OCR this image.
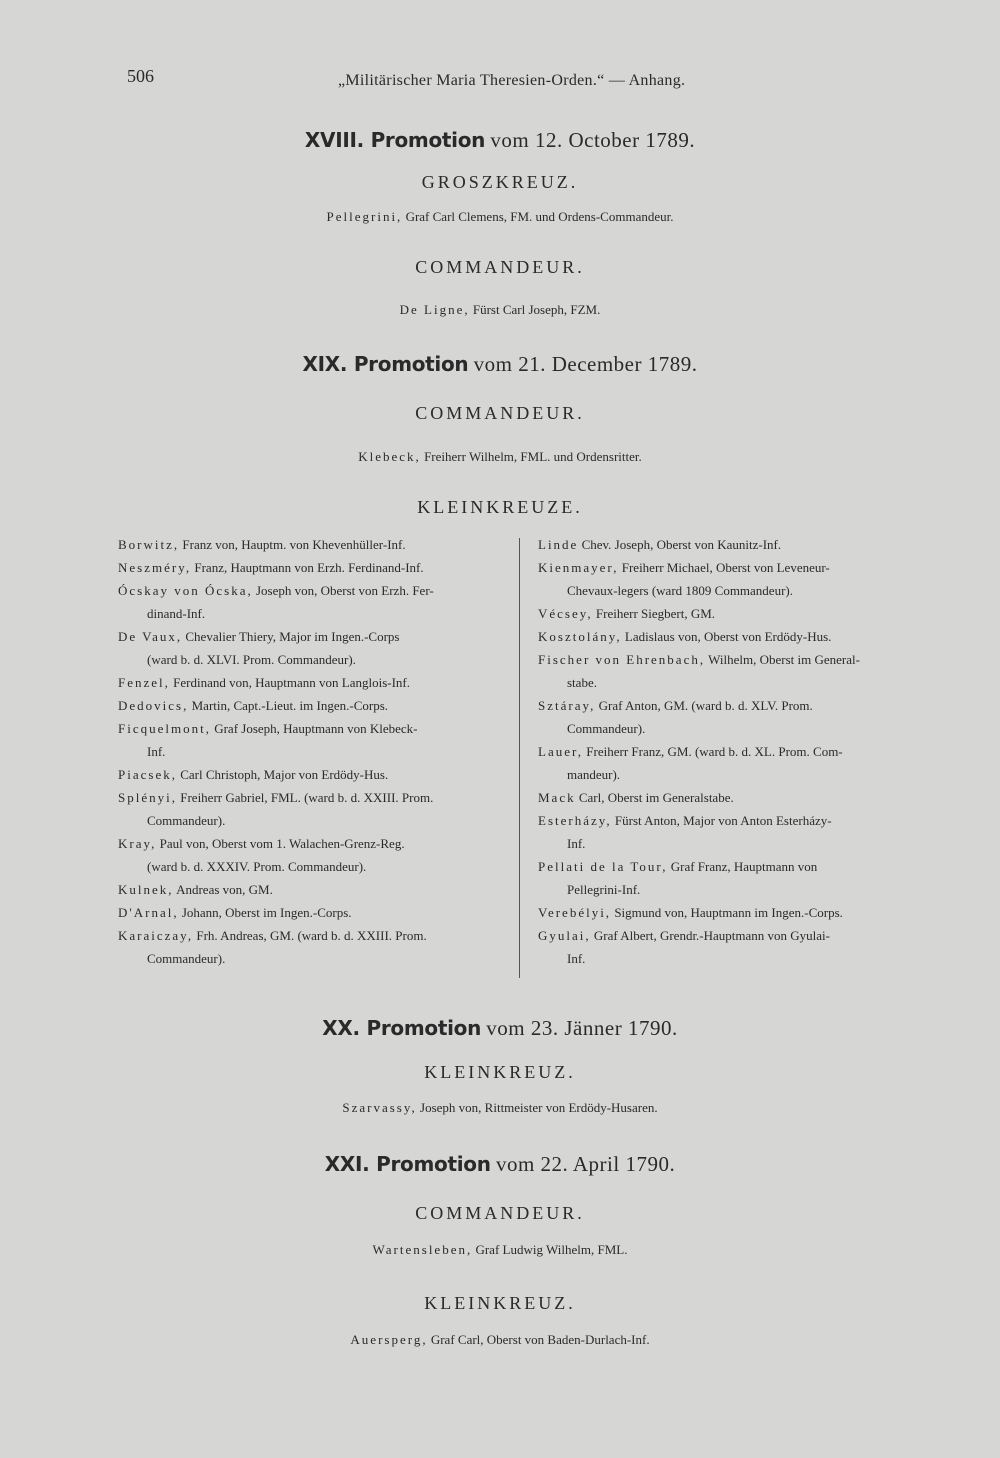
506	„Militärischer Maria Theresien-Orden.“ — Anhang.
XVIII. Promotion vom 12. October 1789.
GROSZKREUZ.
Pellegrini, Graf Carl Clemens, FM. und Ordens-Commandeur.
COMMANDEUR.
De Ligne, Fürst Carl Joseph, FZM.
XIX. Promotion vom 21. December 1789.
COMMANDEUR.
Klebeck, Freiherr Wilhelm, FML. und Ordensritter.
KLEINKREUZE.
Borwitz, Franz von, Hauptm. von Khevenhüller-Inf.
Neszméry, Franz, Hauptmann von Erzh. Ferdinand-Inf.
Ócskay von Ócska, Joseph von, Oberst von Erzh. Fer-
dinand-Inf.
De Vaux, Chevalier Thiery, Major im Ingen.-Corps
(ward b. d. XLVI. Prom. Commandeur).
Fenzel, Ferdinand von, Hauptmann von Langlois-Inf.
Dedovics, Martin, Capt.-Lieut. im Ingen.-Corps.
Ficquelmont, Graf Joseph, Hauptmann von Klebeck-
Inf.
Piacsek, Carl Christoph, Major von Erdödy-Hus.
Splényi, Freiherr Gabriel, FML. (ward b. d. XXIII. Prom.
Commandeur).
Kray, Paul von, Oberst vom 1. Walachen-Grenz-Reg.
(ward b. d. XXXIV. Prom. Commandeur).
Kulnek, Andreas von, GM.
D'Arnal, Johann, Oberst im Ingen.-Corps.
Karaiczay, Frh. Andreas, GM. (ward b. d. XXIII. Prom.
Commandeur).
Linde Chev. Joseph, Oberst von Kaunitz-Inf.
Kienmayer, Freiherr Michael, Oberst von Leveneur-
Chevaux-legers (ward 1809 Commandeur).
Vécsey, Freiherr Siegbert, GM.
Kosztolány, Ladislaus von, Oberst von Erdödy-Hus.
Fischer von Ehrenbach, Wilhelm, Oberst im General-
stabe.
Sztáray, Graf Anton, GM. (ward b. d. XLV. Prom.
Commandeur).
Lauer, Freiherr Franz, GM. (ward b. d. XL. Prom. Com-
mandeur).
Mack Carl, Oberst im Generalstabe.
Esterházy, Fürst Anton, Major von Anton Esterházy-
Inf.
Pellati de la Tour, Graf Franz, Hauptmann von
Pellegrini-Inf.
Verebélyi, Sigmund von, Hauptmann im Ingen.-Corps.
Gyulai, Graf Albert, Grendr.-Hauptmann von Gyulai-
Inf.
XX. Promotion vom 23. Jänner 1790.
KLEINKREUZ.
Szarvassy, Joseph von, Rittmeister von Erdödy-Husaren.
XXI. Promotion vom 22. April 1790.
COMMANDEUR.
Wartensleben, Graf Ludwig Wilhelm, FML.
KLEINKREUZ.
Auersperg, Graf Carl, Oberst von Baden-Durlach-Inf.
